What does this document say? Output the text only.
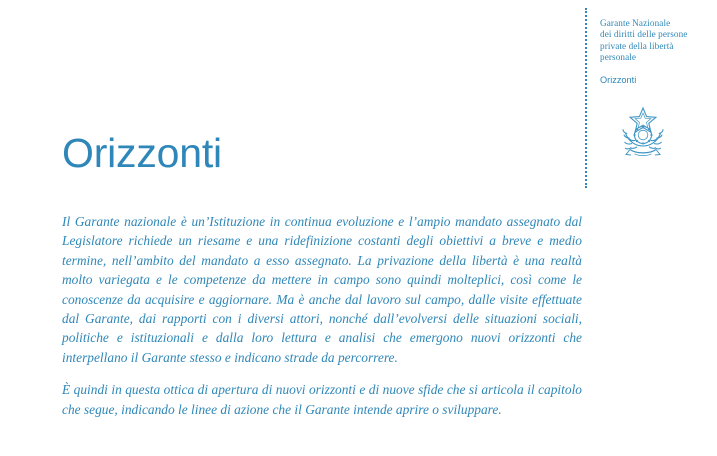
Garante Nazionale
dei diritti delle persone
private della libertà
personale
Orizzonti
Orizzonti

Il Garante nazionale è un’Istituzione in continua evoluzione e l’ampio mandato assegnato dal Legislatore richiede un riesame e una ridefinizione costanti degli obiettivi a breve e medio termine, nell’ambito del mandato a esso assegnato. La privazione della libertà è una realtà molto variegata e le competenze da mettere in campo sono quindi molteplici, così come le conoscenze da acquisire e aggiornare. Ma è anche dal lavoro sul campo, dalle visite effettuate dal Garante, dai rapporti con i diversi attori, nonché dall’evolversi delle situazioni sociali, politiche e istituzionali e dalla loro lettura e analisi che emergono nuovi orizzonti che interpellano il Garante stesso e indicano strade da percorrere.

È quindi in questa ottica di apertura di nuovi orizzonti e di nuove sfide che si articola il capitolo che segue, indicando le linee di azione che il Garante intende aprire o sviluppare.
